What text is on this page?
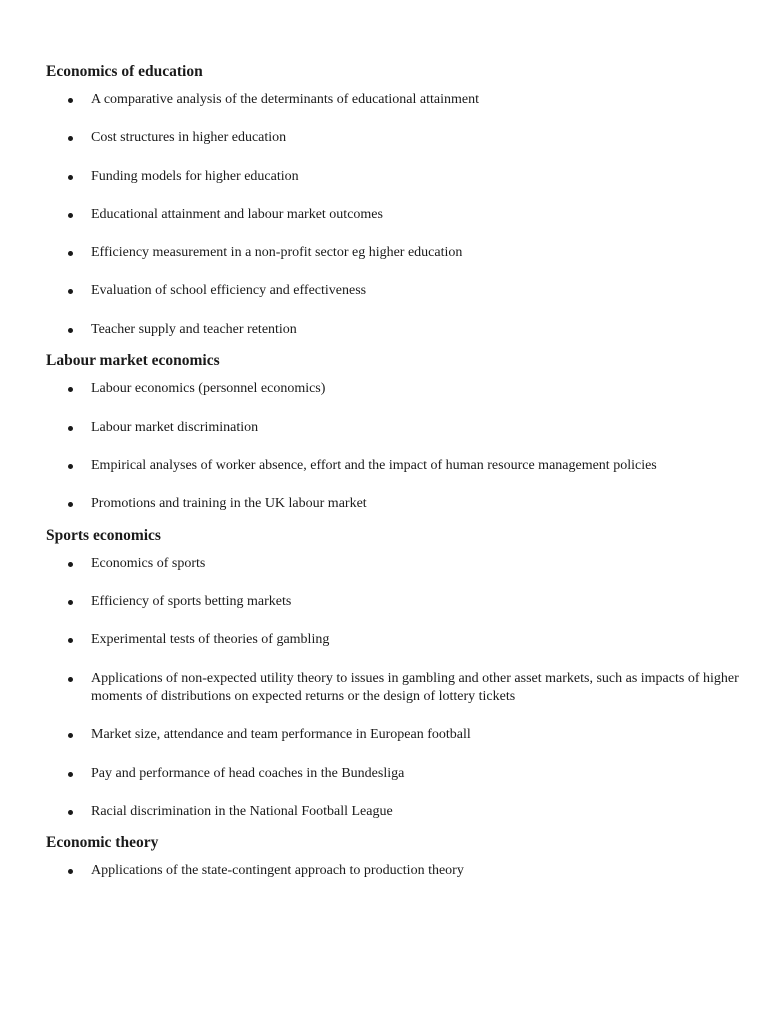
Economics of education
A comparative analysis of the determinants of educational attainment
Cost structures in higher education
Funding models for higher education
Educational attainment and labour market outcomes
Efficiency measurement in a non-profit sector eg higher education
Evaluation of school efficiency and effectiveness
Teacher supply and teacher retention
Labour market economics
Labour economics (personnel economics)
Labour market discrimination
Empirical analyses of worker absence, effort and the impact of human resource management policies
Promotions and training in the UK labour market
Sports economics
Economics of sports
Efficiency of sports betting markets
Experimental tests of theories of gambling
Applications of non-expected utility theory to issues in gambling and other asset markets, such as impacts of higher moments of distributions on expected returns or the design of lottery tickets
Market size, attendance and team performance in European football
Pay and performance of head coaches in the Bundesliga
Racial discrimination in the National Football League
Economic theory
Applications of the state-contingent approach to production theory
